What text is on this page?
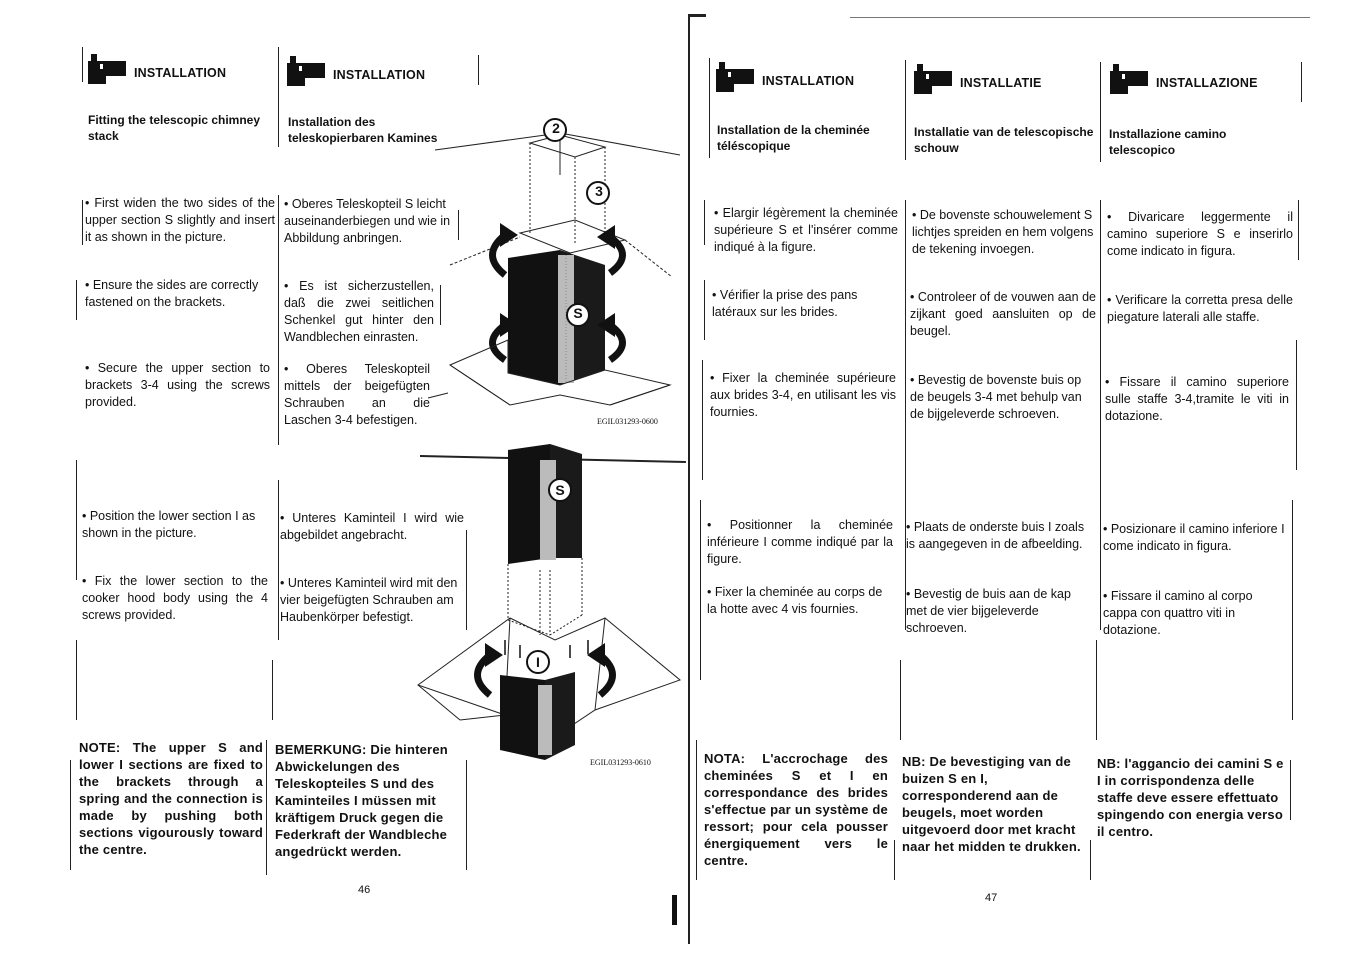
INSTALLATION
Fitting the telescopic chimney stack
• First widen the two sides of the upper section S slightly and insert it as shown in the picture.
• Ensure the sides are correctly fastened on the brackets.
• Secure the upper section to brackets 3-4 using the screws provided.
• Position the lower section I as shown in the picture.
• Fix the lower section to the cooker hood body using the 4 screws provided.
NOTE: The upper S and lower I sections are fixed to the brackets through a spring and the connection is made by pushing both sections vigourously toward the centre.
INSTALLATION
Installation des teleskopierbaren Kamines
• Oberes Teleskopteil S leicht auseinanderbiegen und wie in Abbildung anbringen.
• Es ist sicherzustellen, daß die zwei seitlichen Schenkel gut hinter den Wandblechen einrasten.
• Oberes Teleskopteil mittels der beigefügten Schrauben an die Laschen 3-4 befestigen.
• Unteres Kaminteil I wird wie abgebildet angebracht.
• Unteres Kaminteil wird mit den vier beigefügten Schrauben am Haubenkörper befestigt.
BEMERKUNG: Die hinteren Abwickelungen des Teleskopteiles S und des Kaminteiles I müssen mit kräftigem Druck gegen die Federkraft der Wandbleche angedrückt werden.
2
3
S
EGIL031293-0600
S
I
EGIL031293-0610
46
INSTALLATION
Installation de la cheminée téléscopique
• Elargir légèrement la cheminée supérieure S et l'insérer comme indiqué à la figure.
• Vérifier la prise des pans latéraux sur les brides.
• Fixer la cheminée supérieure aux brides 3-4, en utilisant les vis fournies.
• Positionner la cheminée inférieure I comme indiqué par la figure.
• Fixer la cheminée au corps de la hotte avec 4 vis fournies.
NOTA: L'accrochage des cheminées S et I en correspondance des brides s'effectue par un système de ressort; pour cela pousser énergiquement vers le centre.
INSTALLATIE
Installatie van de telescopische schouw
• De bovenste schouwelement S lichtjes spreiden en hem volgens de tekening invoegen.
• Controleer of de vouwen aan de zijkant goed aansluiten op de beugel.
• Bevestig de bovenste buis op de beugels 3-4 met behulp van de bijgeleverde schroeven.
• Plaats de onderste buis I zoals is aangegeven in de afbeelding.
• Bevestig de buis aan de kap met de vier bijgeleverde schroeven.
NB: De bevestiging van de buizen S en I, corresponderend aan de beugels, moet worden uitgevoerd door met kracht naar het midden te drukken.
INSTALLAZIONE
Installazione camino telescopico
• Divaricare leggermente il camino superiore S e inserirlo come indicato in figura.
• Verificare la corretta presa delle piegature laterali alle staffe.
• Fissare il camino superiore sulle staffe 3-4,tramite le viti in dotazione.
• Posizionare il camino inferiore I come indicato in figura.
• Fissare il camino al corpo cappa con quattro viti in dotazione.
NB: l'aggancio dei camini S e I in corrispondenza delle staffe deve essere effettuato spingendo con energia verso il centro.
47
